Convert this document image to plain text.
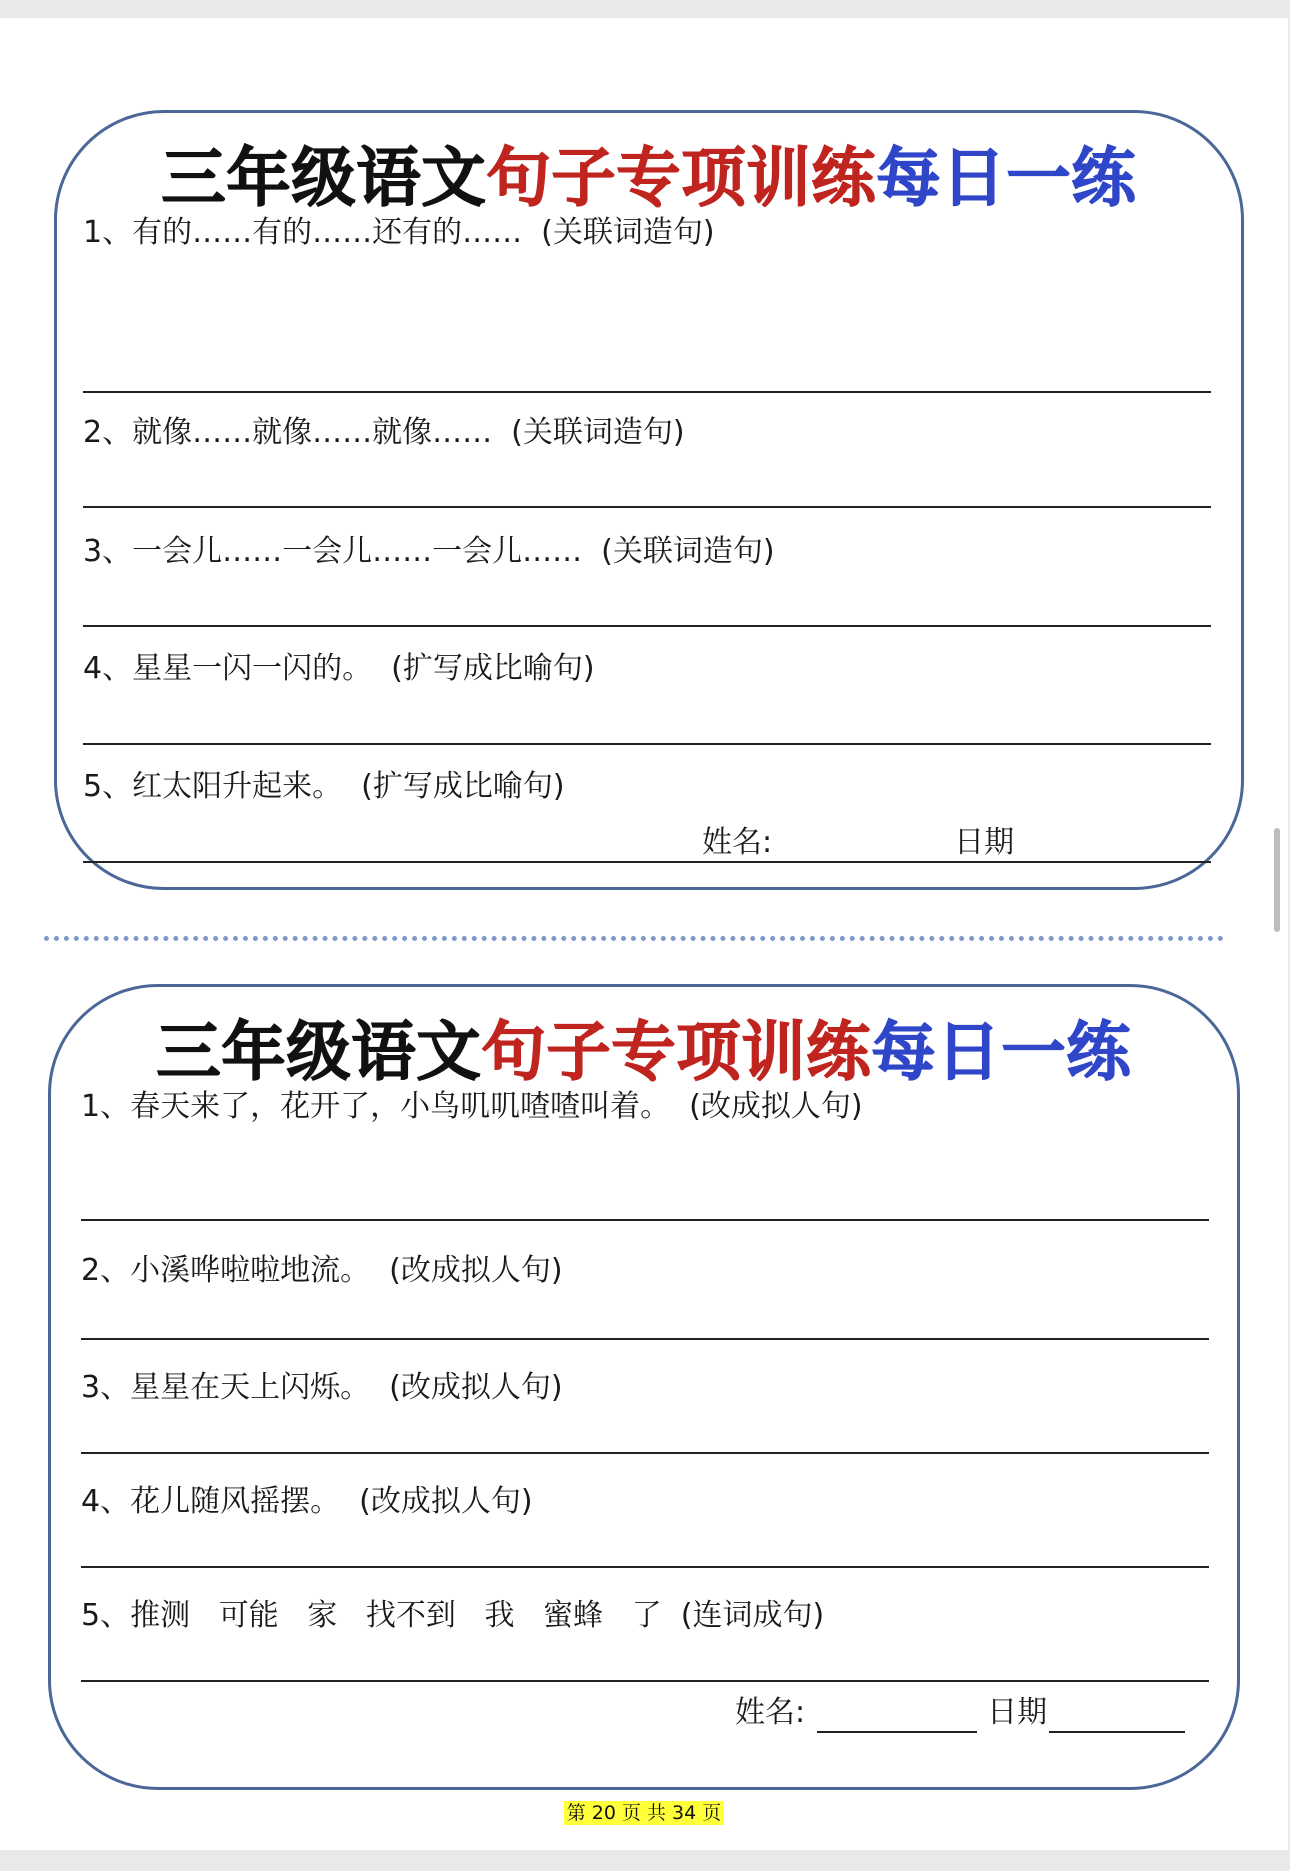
三年级语文句子专项训练每日一练
1、有的……有的……还有的……  (关联词造句)
2、就像……就像……就像……  (关联词造句)
3、一会儿……一会儿……一会儿……  (关联词造句)
4、星星一闪一闪的。  (扩写成比喻句)
5、红太阳升起来。  (扩写成比喻句)
姓名:	日期
三年级语文句子专项训练每日一练
1、春天来了，花开了，小鸟叽叽喳喳叫着。  (改成拟人句)
2、小溪哗啦啦地流。  (改成拟人句)
3、星星在天上闪烁。  (改成拟人句)
4、花儿随风摇摆。  (改成拟人句)
5、推测   可能   家   找不到   我   蜜蜂   了  (连词成句)
姓名:	日期
第 20 页 共 34 页
